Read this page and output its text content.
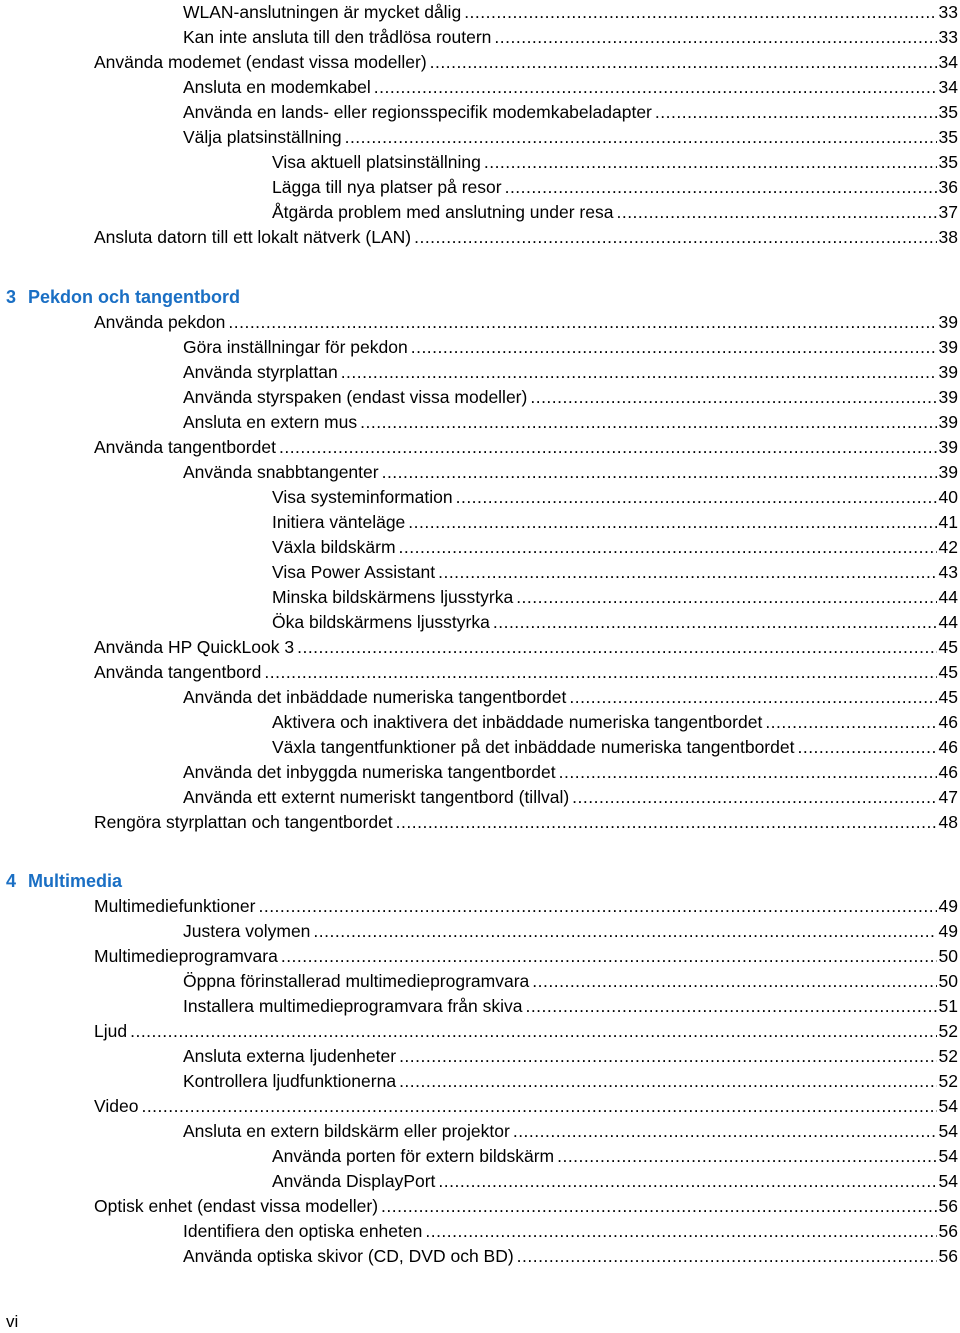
WLAN-anslutningen är mycket dålig .....	33
Kan inte ansluta till den trådlösa routern .....	33
Använda modemet (endast vissa modeller) .....	34
Ansluta en modemkabel .....	34
Använda en lands- eller regionsspecifik modemkabeladapter .....	35
Välja platsinställning .....	35
Visa aktuell platsinställning .....	35
Lägga till nya platser på resor .....	36
Åtgärda problem med anslutning under resa .....	37
Ansluta datorn till ett lokalt nätverk (LAN) .....	38
3 Pekdon och tangentbord
Använda pekdon .....	39
Göra inställningar för pekdon .....	39
Använda styrplattan .....	39
Använda styrspaken (endast vissa modeller) .....	39
Ansluta en extern mus .....	39
Använda tangentbordet .....	39
Använda snabbtangenter .....	39
Visa systeminformation .....	40
Initiera vänteläge .....	41
Växla bildskärm .....	42
Visa Power Assistant .....	43
Minska bildskärmens ljusstyrka .....	44
Öka bildskärmens ljusstyrka .....	44
Använda HP QuickLook 3 .....	45
Använda tangentbord .....	45
Använda det inbäddade numeriska tangentbordet .....	45
Aktivera och inaktivera det inbäddade numeriska tangentbordet .....	46
Växla tangentfunktioner på det inbäddade numeriska tangentbordet .....	46
Använda det inbyggda numeriska tangentbordet .....	46
Använda ett externt numeriskt tangentbord (tillval) .....	47
Rengöra styrplattan och tangentbordet .....	48
4 Multimedia
Multimediefunktioner .....	49
Justera volymen .....	49
Multimedieprogramvara .....	50
Öppna förinstallerad multimedieprogramvara .....	50
Installera multimedieprogramvara från skiva .....	51
Ljud .....	52
Ansluta externa ljudenheter .....	52
Kontrollera ljudfunktionerna .....	52
Video .....	54
Ansluta en extern bildskärm eller projektor .....	54
Använda porten för extern bildskärm .....	54
Använda DisplayPort .....	54
Optisk enhet (endast vissa modeller) .....	56
Identifiera den optiska enheten .....	56
Använda optiska skivor (CD, DVD och BD) .....	56
vi
